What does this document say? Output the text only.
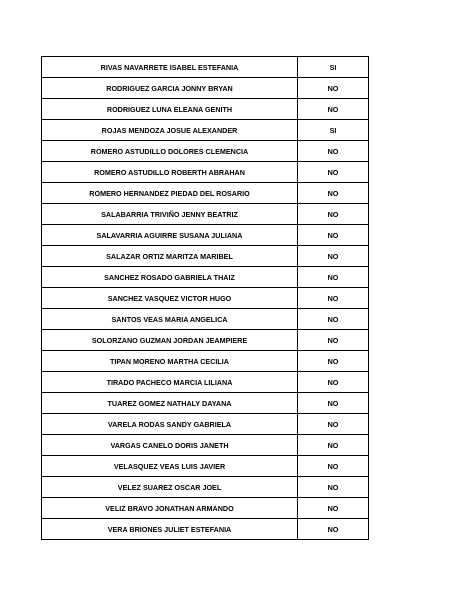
RIVAS NAVARRETE ISABEL ESTEFANIA	SI
RODRIGUEZ GARCIA JONNY BRYAN	NO
RODRIGUEZ LUNA ELEANA GENITH	NO
ROJAS MENDOZA JOSUE ALEXANDER	SI
ROMERO ASTUDILLO DOLORES CLEMENCIA	NO
ROMERO ASTUDILLO ROBERTH ABRAHAN	NO
ROMERO HERNANDEZ PIEDAD DEL ROSARIO	NO
SALABARRIA TRIVIÑO JENNY BEATRIZ	NO
SALAVARRIA AGUIRRE SUSANA JULIANA	NO
SALAZAR ORTIZ MARITZA MARIBEL	NO
SANCHEZ ROSADO GABRIELA THAIZ	NO
SANCHEZ VASQUEZ VICTOR HUGO	NO
SANTOS VEAS MARIA ANGELICA	NO
SOLORZANO GUZMAN JORDAN JEAMPIERE	NO
TIPAN MORENO MARTHA CECILIA	NO
TIRADO PACHECO MARCIA LILIANA	NO
TUAREZ GOMEZ NATHALY DAYANA	NO
VARELA RODAS SANDY GABRIELA	NO
VARGAS CANELO DORIS JANETH	NO
VELASQUEZ VEAS LUIS JAVIER	NO
VELEZ SUAREZ OSCAR JOEL	NO
VELIZ BRAVO JONATHAN ARMANDO	NO
VERA BRIONES JULIET ESTEFANIA	NO
